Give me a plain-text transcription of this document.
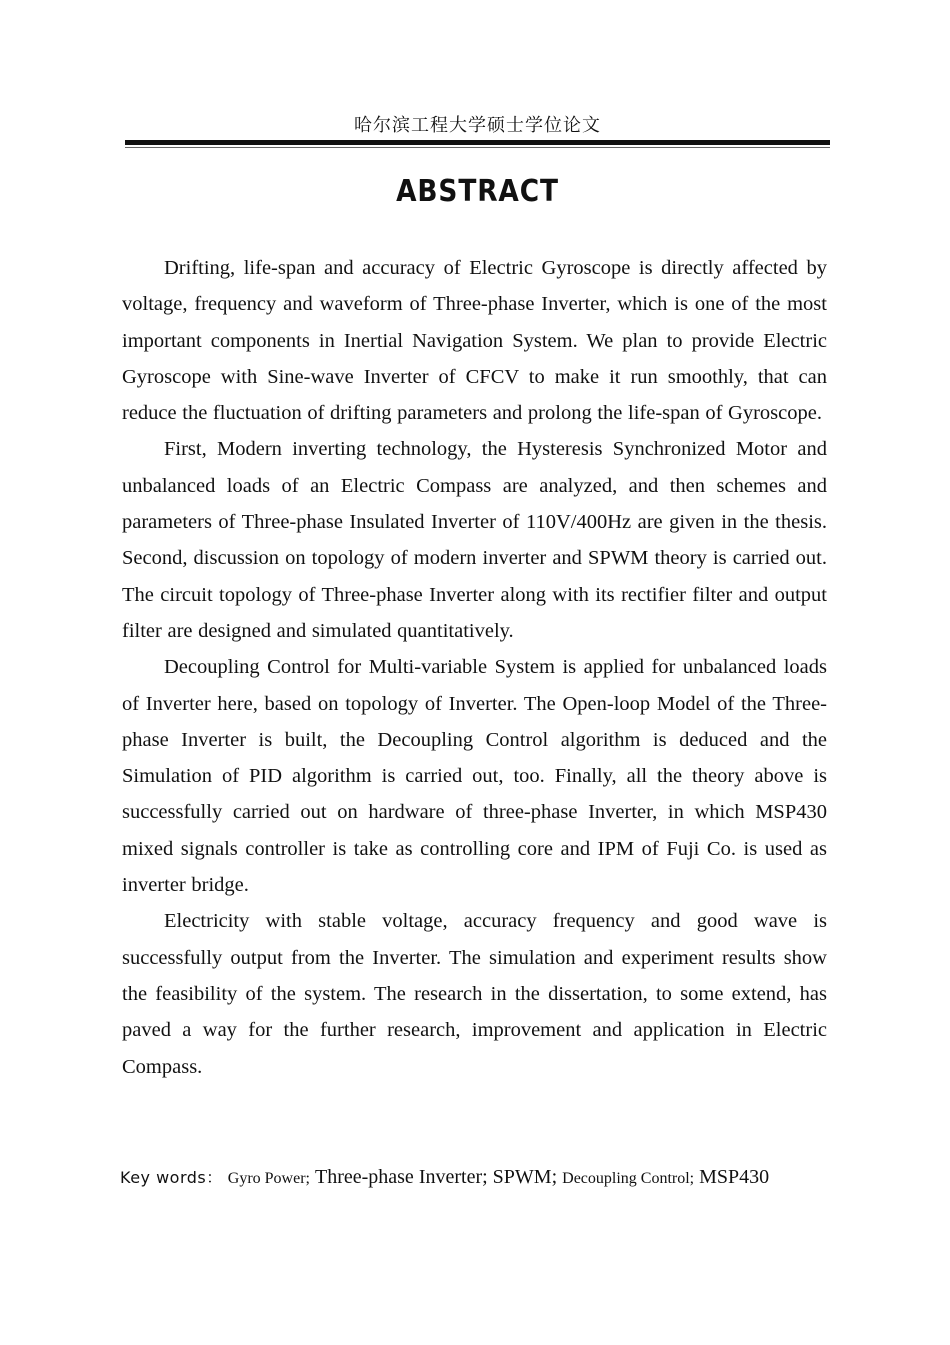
哈尔滨工程大学硕士学位论文
ABSTRACT

Drifting, life-span and accuracy of Electric Gyroscope is directly affected by voltage, frequency and waveform of Three-phase Inverter, which is one of the most important components in Inertial Navigation System. We plan to provide Electric Gyroscope with Sine-wave Inverter of CFCV to make it run smoothly, that can reduce the fluctuation of drifting parameters and prolong the life-span of Gyroscope.

First, Modern inverting technology, the Hysteresis Synchronized Motor and unbalanced loads of an Electric Compass are analyzed, and then schemes and parameters of Three-phase Insulated Inverter of 110V/400Hz are given in the thesis. Second, discussion on topology of modern inverter and SPWM theory is carried out. The circuit topology of Three-phase Inverter along with its rectifier filter and output filter are designed and simulated quantitatively.

Decoupling Control for Multi-variable System is applied for unbalanced loads of Inverter here, based on topology of Inverter. The Open-loop Model of the Three-phase Inverter is built, the Decoupling Control algorithm is deduced and the Simulation of PID algorithm is carried out, too. Finally, all the theory above is successfully carried out on hardware of three-phase Inverter, in which MSP430 mixed signals controller is take as controlling core and IPM of Fuji Co. is used as inverter bridge.

Electricity with stable voltage, accuracy frequency and good wave is successfully output from the Inverter. The simulation and experiment results show the feasibility of the system. The research in the dissertation, to some extend, has paved a way for the further research, improvement and application in Electric Compass.

Key words： Gyro Power; Three-phase Inverter; SPWM; Decoupling Control; MSP430
